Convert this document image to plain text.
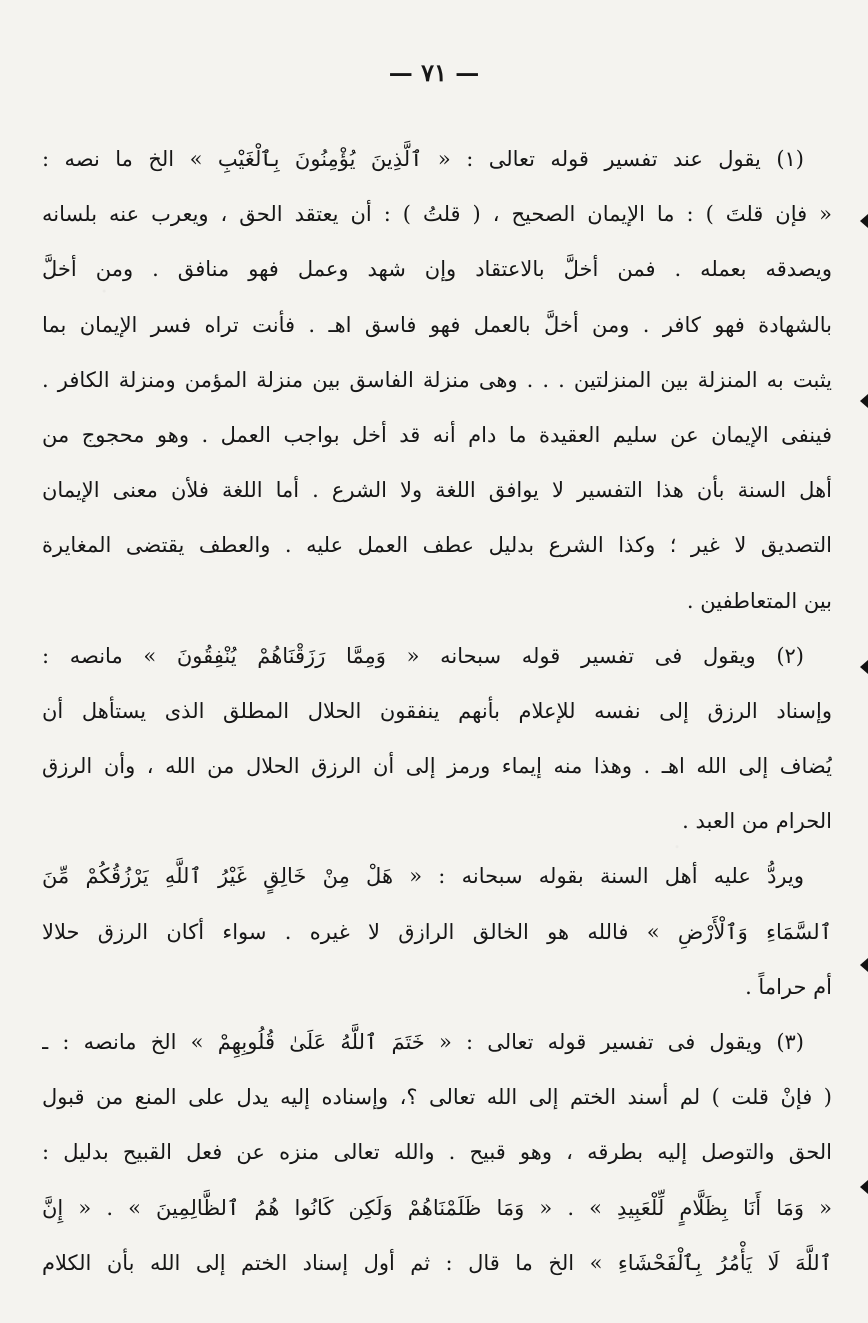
— ٧١ —
(١) يقول عند تفسير قوله تعالى : « ٱلَّذِينَ يُؤْمِنُونَ بِٱلْغَيْبِ » الخ ما نصه :
« فإن قلتَ ) : ما الإيمان الصحيح ، ( قلتُ ) : أن يعتقد الحق ، ويعرب عنه بلسانه
ويصدقه بعمله . فمن أخلَّ بالاعتقاد وإن شهد وعمل فهو منافق . ومن أخلَّ
بالشهادة فهو كافر . ومن أخلَّ بالعمل فهو فاسق اهـ . فأنت تراه فسر الإيمان بما
يثبت به المنزلة بين المنزلتين . . . وهى منزلة الفاسق بين منزلة المؤمن ومنزلة الكافر .
فينفى الإيمان عن سليم العقيدة ما دام أنه قد أخل بواجب العمل . وهو محجوج من
أهل السنة بأن هذا التفسير لا يوافق اللغة ولا الشرع . أما اللغة فلأن معنى الإيمان
التصديق لا غير ؛ وكذا الشرع بدليل عطف العمل عليه . والعطف يقتضى المغايرة
بين المتعاطفين .
(٢) ويقول فى تفسير قوله سبحانه « وَمِمَّا رَزَقْنَاهُمْ يُنْفِقُونَ » مانصه :
وإسناد الرزق إلى نفسه للإعلام بأنهم ينفقون الحلال المطلق الذى يستأهل أن
يُضاف إلى الله اهـ . وهذا منه إيماء ورمز إلى أن الرزق الحلال من الله ، وأن الرزق
الحرام من العبد .
ويردُّ عليه أهل السنة بقوله سبحانه : « هَلْ مِنْ خَالِقٍ غَيْرُ ٱللَّهِ يَرْزُقُكُمْ مِّنَ
ٱلسَّمَاءِ وَٱلْأَرْضِ » فالله هو الخالق الرازق لا غيره . سواء أكان الرزق حلالا
أم حراماً .
(٣) ويقول فى تفسير قوله تعالى : « خَتَمَ ٱللَّهُ عَلَىٰ قُلُوبِهِمْ » الخ مانصه : ـ
( فإنْ قلت ) لم أسند الختم إلى الله تعالى ؟، وإسناده إليه يدل على المنع من قبول
الحق والتوصل إليه بطرقه ، وهو قبيح . والله تعالى منزه عن فعل القبيح بدليل :
« وَمَا أَنَا بِظَلَّامٍ لِّلْعَبِيدِ » . « وَمَا ظَلَمْنَاهُمْ وَلَكِن كَانُوا هُمُ ٱلظَّالِمِينَ » . « إِنَّ
ٱللَّهَ لَا يَأْمُرُ بِٱلْفَحْشَاءِ » الخ ما قال : ثم أول إسناد الختم إلى الله بأن الكلام
